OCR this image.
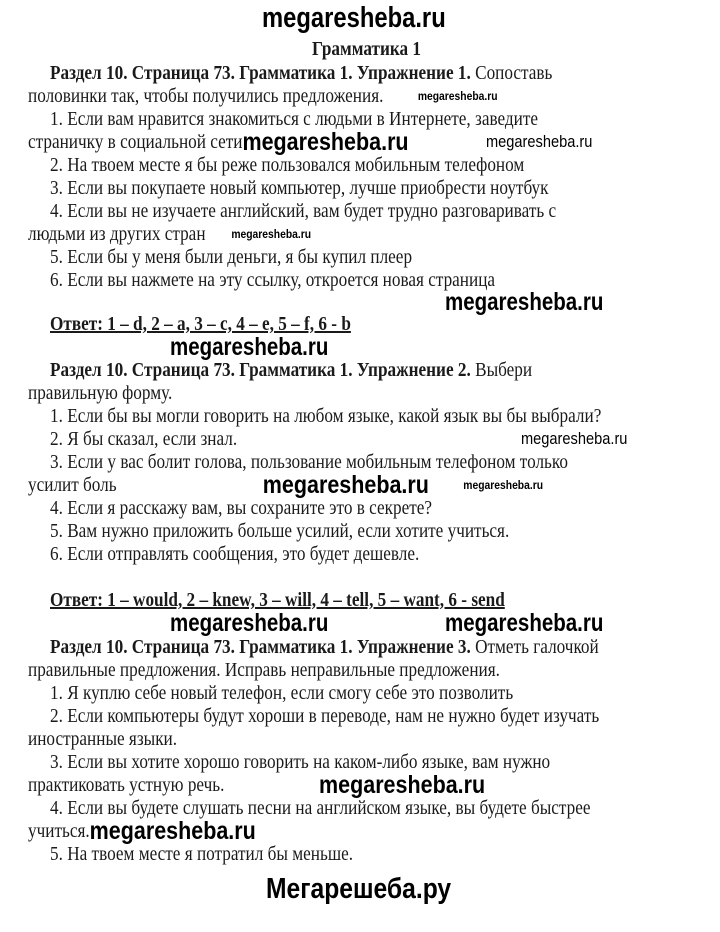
megaresheba.ru
Грамматика 1
Раздел 10. Страница 73. Грамматика 1. Упражнение 1. Сопоставь
половинки так, чтобы получились предложения.	megaresheba.ru
1. Если вам нравится знакомиться с людьми в Интернете, заведите
страничку в социальной сетиmegaresheba.ru	megaresheba.ru
2. На твоем месте я бы реже пользовался мобильным телефоном
3. Если вы покупаете новый компьютер, лучше приобрести ноутбук
4. Если вы не изучаете английский, вам будет трудно разговаривать с
людьми из других стран megaresheba.ru
5. Если бы у меня были деньги, я бы купил плеер
6. Если вы нажмете на эту ссылку, откроется новая страница
megaresheba.ru
Ответ: 1 – d, 2 – a, 3 – c, 4 – e, 5 – f, 6 - b
megaresheba.ru
Раздел 10. Страница 73. Грамматика 1. Упражнение 2. Выбери
правильную форму.
1. Если бы вы могли говорить на любом языке, какой язык вы бы выбрали?
2. Я бы сказал, если знал.	megaresheba.ru
3. Если у вас болит голова, пользование мобильным телефоном только
усилит боль	megaresheba.ru	megaresheba.ru
4. Если я расскажу вам, вы сохраните это в секрете?
5. Вам нужно приложить больше усилий, если хотите учиться.
6. Если отправлять сообщения, это будет дешевле.
Ответ: 1 – would, 2 – knew, 3 – will, 4 – tell, 5 – want, 6 - send
megaresheba.ru	megaresheba.ru
Раздел 10. Страница 73. Грамматика 1. Упражнение 3. Отметь галочкой
правильные предложения. Исправь неправильные предложения.
1. Я куплю себе новый телефон, если смогу себе это позволить
2. Если компьютеры будут хороши в переводе, нам не нужно будет изучать
иностранные языки.
3. Если вы хотите хорошо говорить на каком-либо языке, вам нужно
практиковать устную речь.	megaresheba.ru
4. Если вы будете слушать песни на английском языке, вы будете быстрее
учиться.megaresheba.ru
5. На твоем месте я потратил бы меньше.
Мегарешеба.ру
